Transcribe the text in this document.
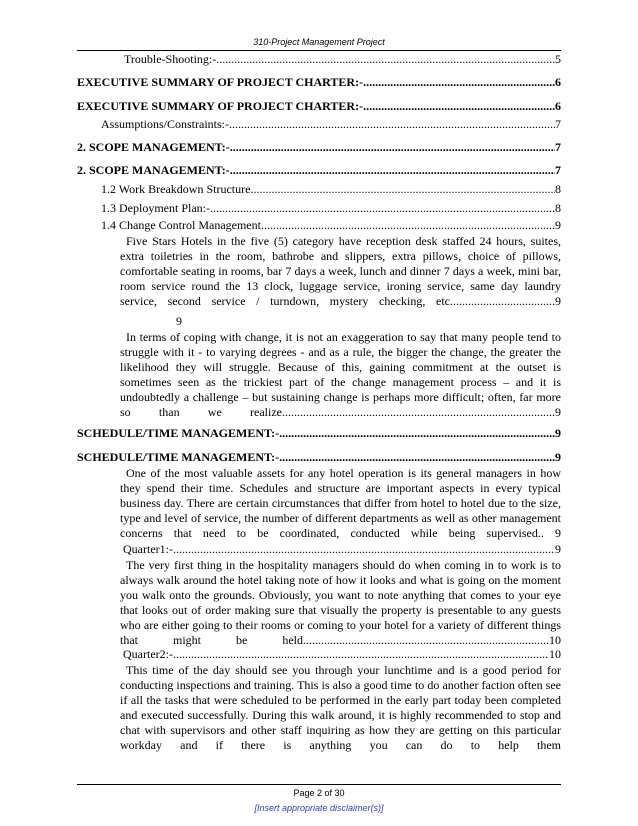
310-Project Management Project
Trouble-Shooting:- .....	5
EXECUTIVE SUMMARY OF PROJECT CHARTER:- .....	6
EXECUTIVE SUMMARY OF PROJECT CHARTER:- .....	6
Assumptions/Constraints:- .....	7
2. SCOPE MANAGEMENT:- .....	7
2. SCOPE MANAGEMENT:- .....	7
1.2 Work Breakdown Structure .....	8
1.3 Deployment Plan:- .....	8
1.4 Change Control Management .....	9
Five Stars Hotels in the five (5) category have reception desk staffed 24 hours, suites, extra toiletries in the room, bathrobe and slippers, extra pillows, choice of pillows, comfortable seating in rooms, bar 7 days a week, lunch and dinner 7 days a week, mini bar, room service round the 13 clock, luggage service, ironing service, same day laundry service, second service / turndown, mystery checking, etc...................................9
9
In terms of coping with change, it is not an exaggeration to say that many people tend to struggle with it - to varying degrees - and as a rule, the bigger the change, the greater the likelihood they will struggle. Because of this, gaining commitment at the outset is sometimes seen as the trickiest part of the change management process – and it is undoubtedly a challenge – but sustaining change is perhaps more difficult; often, far more so than we realize...........................................................................................9
SCHEDULE/TIME MANAGEMENT:- .....	9
SCHEDULE/TIME MANAGEMENT:- .....	9
One of the most valuable assets for any hotel operation is its general managers in how they spend their time. Schedules and structure are important aspects in every typical business day. There are certain circumstances that differ from hotel to hotel due to the size, type and level of service, the number of different departments as well as other management concerns that need to be coordinated, conducted while being supervised.. 9

Quarter1:- .....	9
The very first thing in the hospitality managers should do when coming in to work is to always walk around the hotel taking note of how it looks and what is going on the moment you walk onto the grounds. Obviously, you want to note anything that comes to your eye that looks out of order making sure that visually the property is presentable to any guests who are either going to their rooms or coming to your hotel for a variety of different things that might be held..................................................................................10

Quarter2:- .....	10
This time of the day should see you through your lunchtime and is a good period for conducting inspections and training. This is also a good time to do another faction often see if all the tasks that were scheduled to be performed in the early part today been completed and executed successfully. During this walk around, it is highly recommended to stop and chat with supervisors and other staff inquiring as how they are getting on this particular workday and if there is anything you can do to help them
Page 2 of 30
[Insert appropriate disclaimer(s)]
